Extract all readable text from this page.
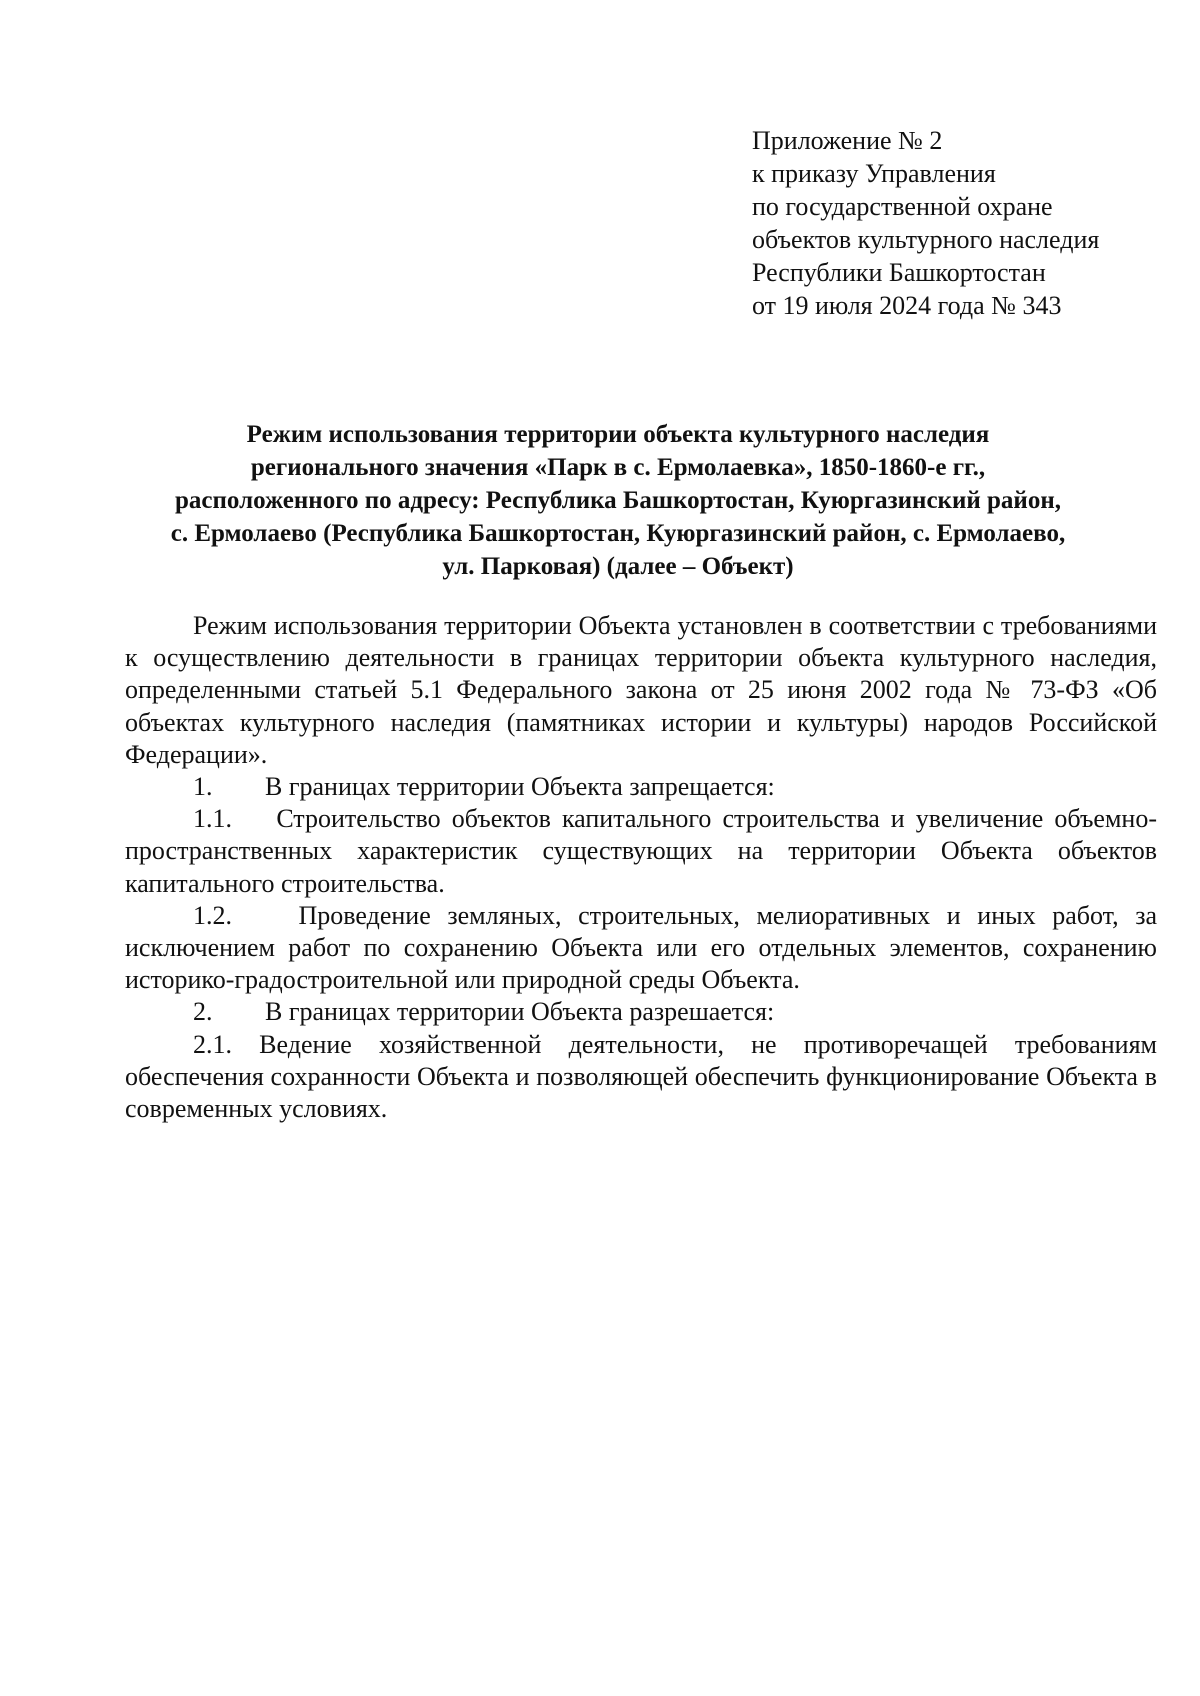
Приложение № 2
к приказу Управления
по государственной охране
объектов культурного наследия
Республики Башкортостан
от 19 июля 2024 года № 343
Режим использования территории объекта культурного наследия
регионального значения «Парк в с. Ермолаевка», 1850-1860-е гг.,
расположенного по адресу: Республика Башкортостан, Куюргазинский район,
с. Ермолаево (Республика Башкортостан, Куюргазинский район, с. Ермолаево,
ул. Парковая) (далее – Объект)

Режим использования территории Объекта установлен в соответствии с требованиями к осуществлению деятельности в границах территории объекта культурного наследия, определенными статьей 5.1 Федерального закона от 25 июня 2002 года № 73-ФЗ «Об объектах культурного наследия (памятниках истории и культуры) народов Российской Федерации».

1. В границах территории Объекта запрещается:

1.1. Строительство объектов капитального строительства и увеличение объемно-пространственных характеристик существующих на территории Объекта объектов капитального строительства.

1.2.	Проведение земляных, строительных, мелиоративных и иных работ, за исключением работ по сохранению Объекта или его отдельных элементов, сохранению историко-градостроительной или природной среды Объекта.

2. В границах территории Объекта разрешается:

2.1. Ведение хозяйственной деятельности, не противоречащей требованиям обеспечения сохранности Объекта и позволяющей обеспечить функционирование Объекта в современных условиях.
